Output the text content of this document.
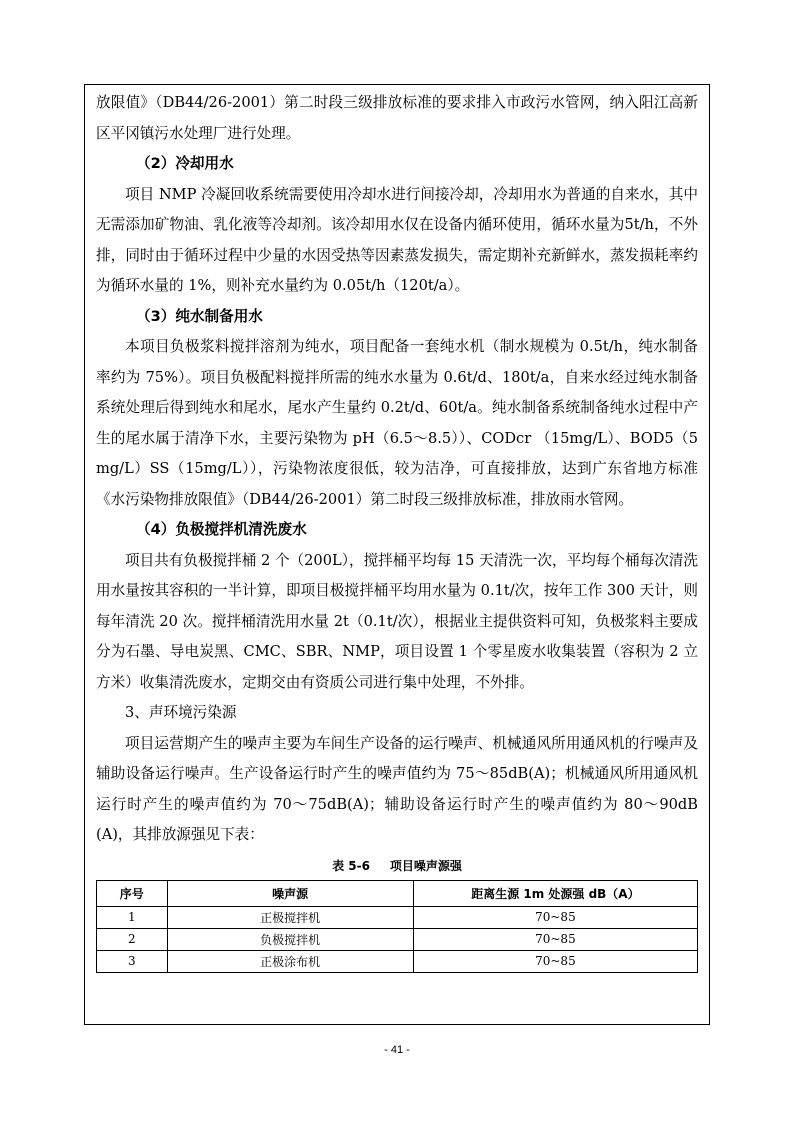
放限值》（DB44/26-2001）第二时段三级排放标准的要求排入市政污水管网，纳入阳江高新区平冈镇污水处理厂进行处理。

（2）冷却用水

项目 NMP 冷凝回收系统需要使用冷却水进行间接冷却，冷却用水为普通的自来水，其中无需添加矿物油、乳化液等冷却剂。该冷却用水仅在设备内循环使用，循环水量为5t/h，不外排，同时由于循环过程中少量的水因受热等因素蒸发损失，需定期补充新鲜水，蒸发损耗率约为循环水量的 1%，则补充水量约为 0.05t/h（120t/a）。

（3）纯水制备用水

本项目负极浆料搅拌溶剂为纯水，项目配备一套纯水机（制水规模为 0.5t/h，纯水制备率约为 75%）。项目负极配料搅拌所需的纯水水量为 0.6t/d、180t/a，自来水经过纯水制备系统处理后得到纯水和尾水，尾水产生量约 0.2t/d、60t/a。纯水制备系统制备纯水过程中产生的尾水属于清净下水，主要污染物为 pH（6.5～8.5））、CODcr （15mg/L）、BOD5（5mg/L）SS（15mg/L）），污染物浓度很低，较为洁净，可直接排放，达到广东省地方标准《水污染物排放限值》（DB44/26-2001）第二时段三级排放标准，排放雨水管网。

（4）负极搅拌机清洗废水

项目共有负极搅拌桶 2 个（200L），搅拌桶平均每 15 天清洗一次，平均每个桶每次清洗用水量按其容积的一半计算，即项目极搅拌桶平均用水量为 0.1t/次，按年工作 300 天计，则每年清洗 20 次。搅拌桶清洗用水量 2t（0.1t/次），根据业主提供资料可知，负极浆料主要成分为石墨、导电炭黑、CMC、SBR、NMP，项目设置 1 个零星废水收集装置（容积为 2 立方米）收集清洗废水，定期交由有资质公司进行集中处理，不外排。

3、声环境污染源

项目运营期产生的噪声主要为车间生产设备的运行噪声、机械通风所用通风机的行噪声及辅助设备运行噪声。生产设备运行时产生的噪声值约为 75～85dB(A)；机械通风所用通风机运行时产生的噪声值约为 70～75dB(A)；辅助设备运行时产生的噪声值约为 80～90dB(A)，其排放源强见下表：

表 5-6 项目噪声源强
序号	噪声源	距离生源 1m 处源强 dB（A）
1	正极搅拌机	70~85
2	负极搅拌机	70~85
3	正极涂布机	70~85
- 41 -
